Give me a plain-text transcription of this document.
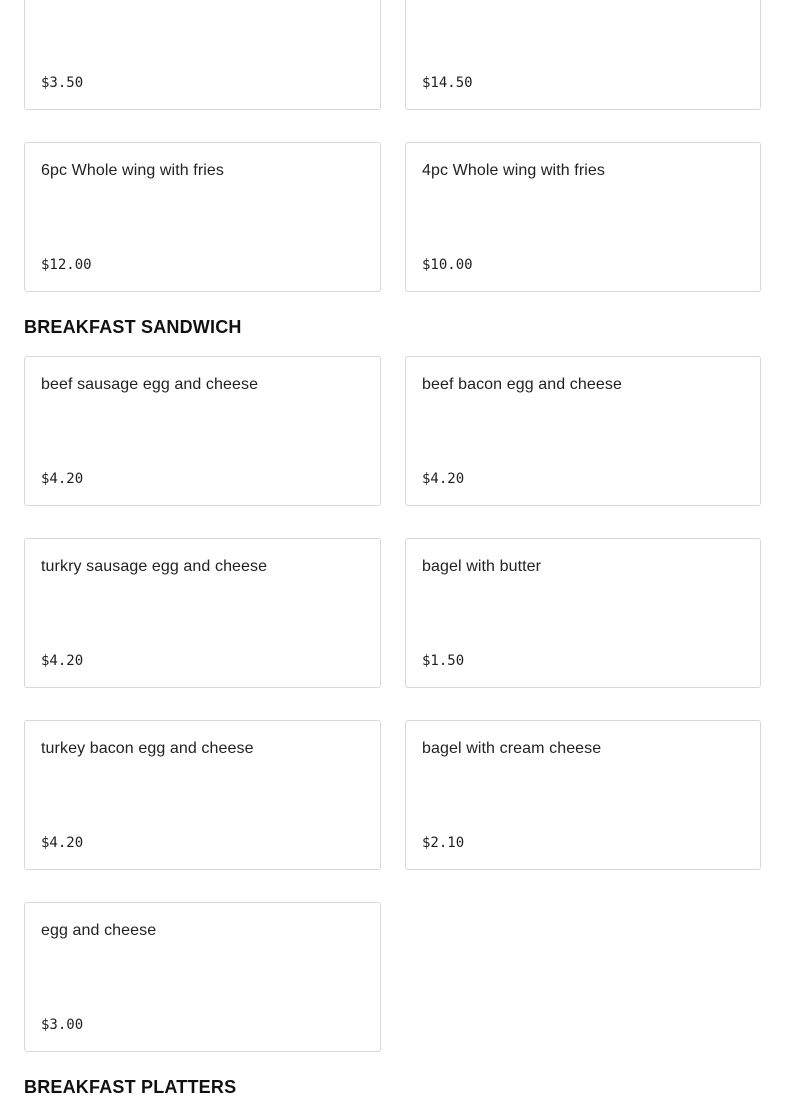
$3.50	$14.50
6pc Whole wing with fries
$12.00
4pc Whole wing with fries
$10.00
BREAKFAST SANDWICH
beef sausage egg and cheese
$4.20
beef bacon egg and cheese
$4.20
turkry sausage egg and cheese
$4.20
bagel with butter
$1.50
turkey bacon egg and cheese
$4.20
bagel with cream cheese
$2.10
egg and cheese
$3.00
BREAKFAST PLATTERS
